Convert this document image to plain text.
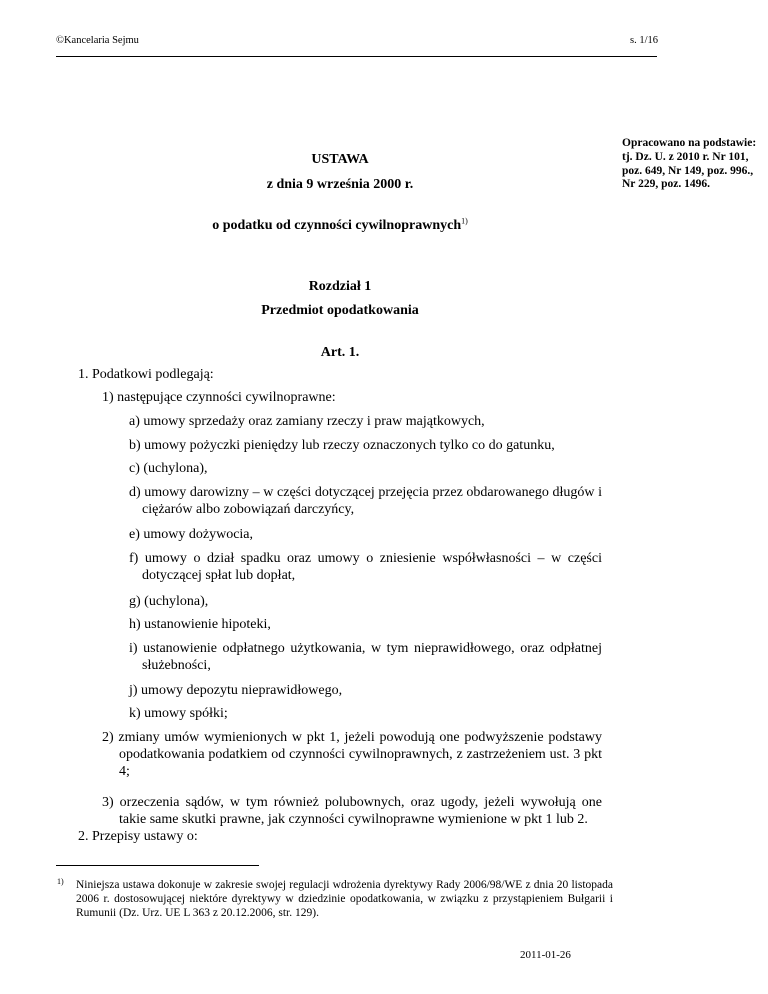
©Kancelaria Sejmu	s. 1/16
Opracowano na podstawie: tj. Dz. U. z 2010 r. Nr 101, poz. 649, Nr 149, poz. 996., Nr 229, poz. 1496.
USTAWA
z dnia 9 września 2000 r.
o podatku od czynności cywilnoprawnych$^{1)}$
Rozdział 1
Przedmiot opodatkowania
Art. 1.
1. Podatkowi podlegają:
1) następujące czynności cywilnoprawne:
a) umowy sprzedaży oraz zamiany rzeczy i praw majątkowych,
b) umowy pożyczki pieniędzy lub rzeczy oznaczonych tylko co do gatunku,
c) (uchylona),
d) umowy darowizny – w części dotyczącej przejęcia przez obdarowanego długów i ciężarów albo zobowiązań darczyńcy,
e) umowy dożywocia,
f) umowy o dział spadku oraz umowy o zniesienie współwłasności – w części dotyczącej spłat lub dopłat,
g) (uchylona),
h) ustanowienie hipoteki,
i) ustanowienie odpłatnego użytkowania, w tym nieprawidłowego, oraz odpłatnej służebności,
j) umowy depozytu nieprawidłowego,
k) umowy spółki;
2) zmiany umów wymienionych w pkt 1, jeżeli powodują one podwyższenie podstawy opodatkowania podatkiem od czynności cywilnoprawnych, z zastrzeżeniem ust. 3 pkt 4;
3) orzeczenia sądów, w tym również polubownych, oraz ugody, jeżeli wywołują one takie same skutki prawne, jak czynności cywilnoprawne wymienione w pkt 1 lub 2.
2. Przepisy ustawy o:
1) Niniejsza ustawa dokonuje w zakresie swojej regulacji wdrożenia dyrektywy Rady 2006/98/WE z dnia 20 listopada 2006 r. dostosowującej niektóre dyrektywy w dziedzinie opodatkowania, w związku z przystąpieniem Bułgarii i Rumunii (Dz. Urz. UE L 363 z 20.12.2006, str. 129).
2011-01-26
